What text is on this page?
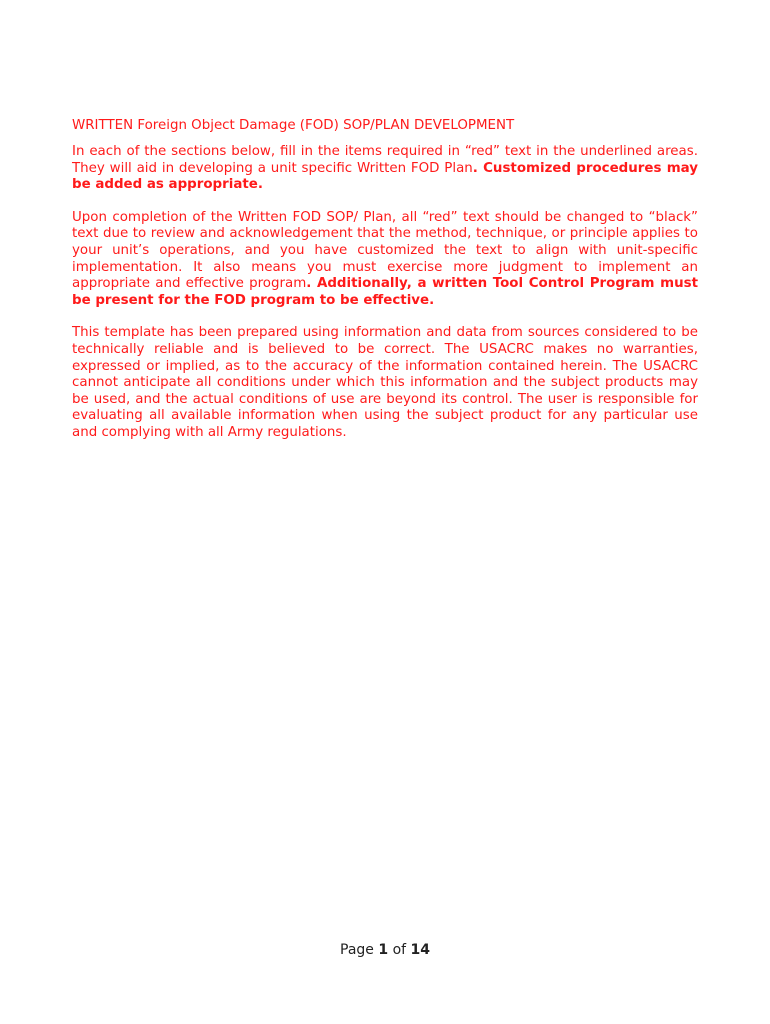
WRITTEN Foreign Object Damage (FOD) SOP/PLAN DEVELOPMENT

In each of the sections below, fill in the items required in “red” text in the underlined areas. They will aid in developing a unit specific Written FOD Plan. Customized procedures may be added as appropriate.

Upon completion of the Written FOD SOP/ Plan, all “red” text should be changed to “black” text due to review and acknowledgement that the method, technique, or principle applies to your unit’s operations, and you have customized the text to align with unit-specific implementation. It also means you must exercise more judgment to implement an appropriate and effective program. Additionally, a written Tool Control Program must be present for the FOD program to be effective.

This template has been prepared using information and data from sources considered to be technically reliable and is believed to be correct. The USACRC makes no warranties, expressed or implied, as to the accuracy of the information contained herein. The USACRC cannot anticipate all conditions under which this information and the subject products may be used, and the actual conditions of use are beyond its control. The user is responsible for evaluating all available information when using the subject product for any particular use and complying with all Army regulations.

Page 1 of 14
